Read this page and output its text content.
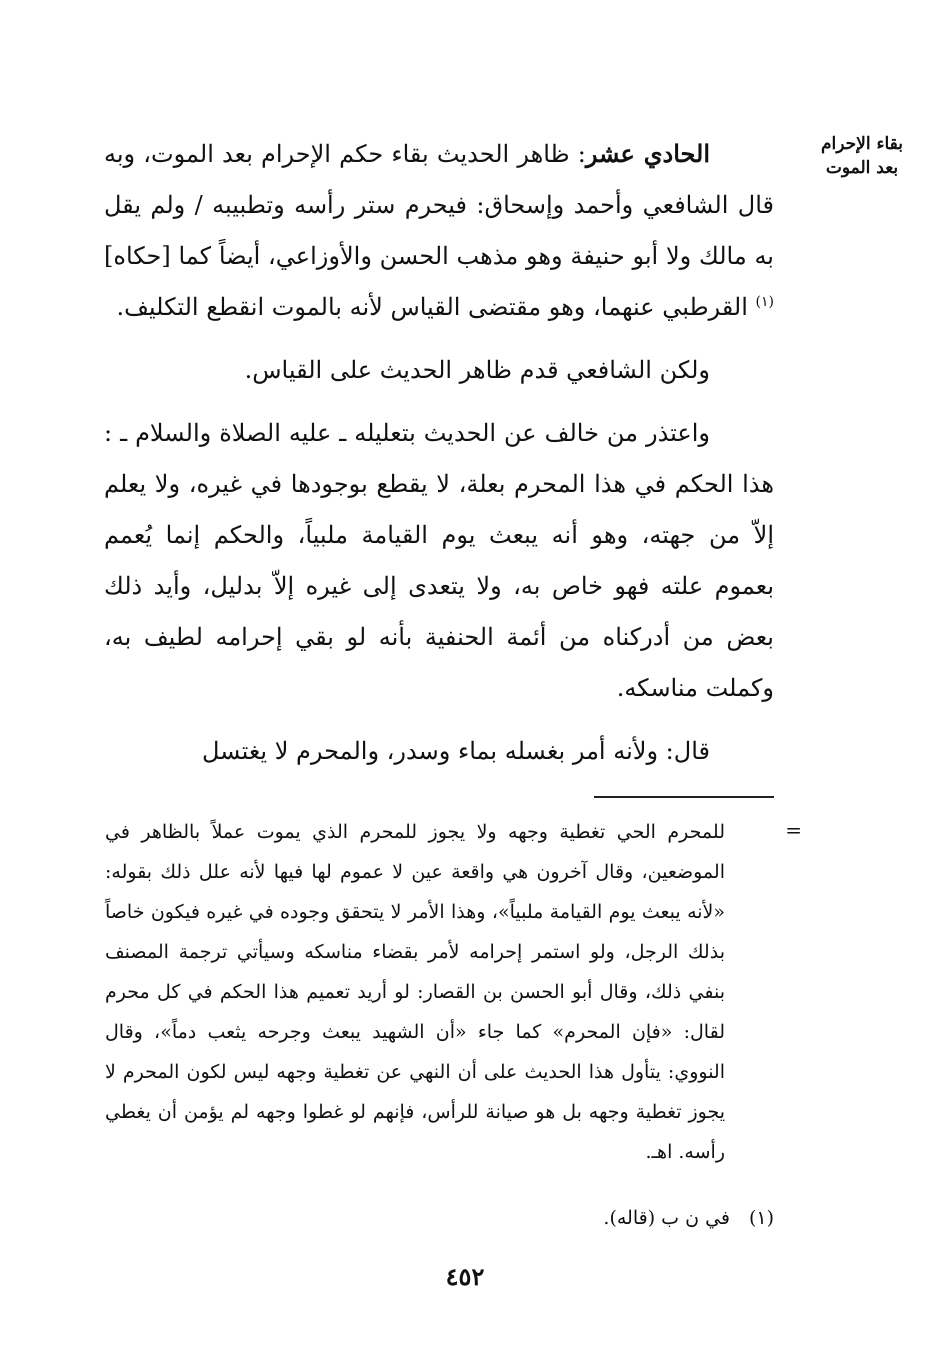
بقاء الإحرام بعد الموت

الحادي عشر: ظاهر الحديث بقاء حكم الإحرام بعد الموت، وبه قال الشافعي وأحمد وإسحاق: فيحرم ستر رأسه وتطبيبه / ولم يقل به مالك ولا أبو حنيفة وهو مذهب الحسن والأوزاعي، أيضاً كما [حكاه]$^{(١)}$ القرطبي عنهما، وهو مقتضى القياس لأنه بالموت انقطع التكليف.

ولكن الشافعي قدم ظاهر الحديث على القياس.

واعتذر من خالف عن الحديث بتعليله ـ عليه الصلاة والسلام ـ : هذا الحكم في هذا المحرم بعلة، لا يقطع بوجودها في غيره، ولا يعلم إلاّ من جهته، وهو أنه يبعث يوم القيامة ملبياً، والحكم إنما يُعمم بعموم علته فهو خاص به، ولا يتعدى إلى غيره إلاّ بدليل، وأيد ذلك بعض من أدركناه من أئمة الحنفية بأنه لو بقي إحرامه لطيف به، وكملت مناسكه.

قال: ولأنه أمر بغسله بماء وسدر، والمحرم لا يغتسل

=

للمحرم الحي تغطية وجهه ولا يجوز للمحرم الذي يموت عملاً بالظاهر في الموضعين، وقال آخرون هي واقعة عين لا عموم لها فيها لأنه علل ذلك بقوله: «لأنه يبعث يوم القيامة ملبياً»، وهذا الأمر لا يتحقق وجوده في غيره فيكون خاصاً بذلك الرجل، ولو استمر إحرامه لأمر بقضاء مناسكه وسيأتي ترجمة المصنف بنفي ذلك، وقال أبو الحسن بن القصار: لو أريد تعميم هذا الحكم في كل محرم لقال: «فإن المحرم» كما جاء «أن الشهيد يبعث وجرحه يثعب دماً»، وقال النووي: يتأول هذا الحديث على أن النهي عن تغطية وجهه ليس لكون المحرم لا يجوز تغطية وجهه بل هو صيانة للرأس، فإنهم لو غطوا وجهه لم يؤمن أن يغطي رأسه. اهـ.

(١)في ن ب (قاله).
٤٥٢
